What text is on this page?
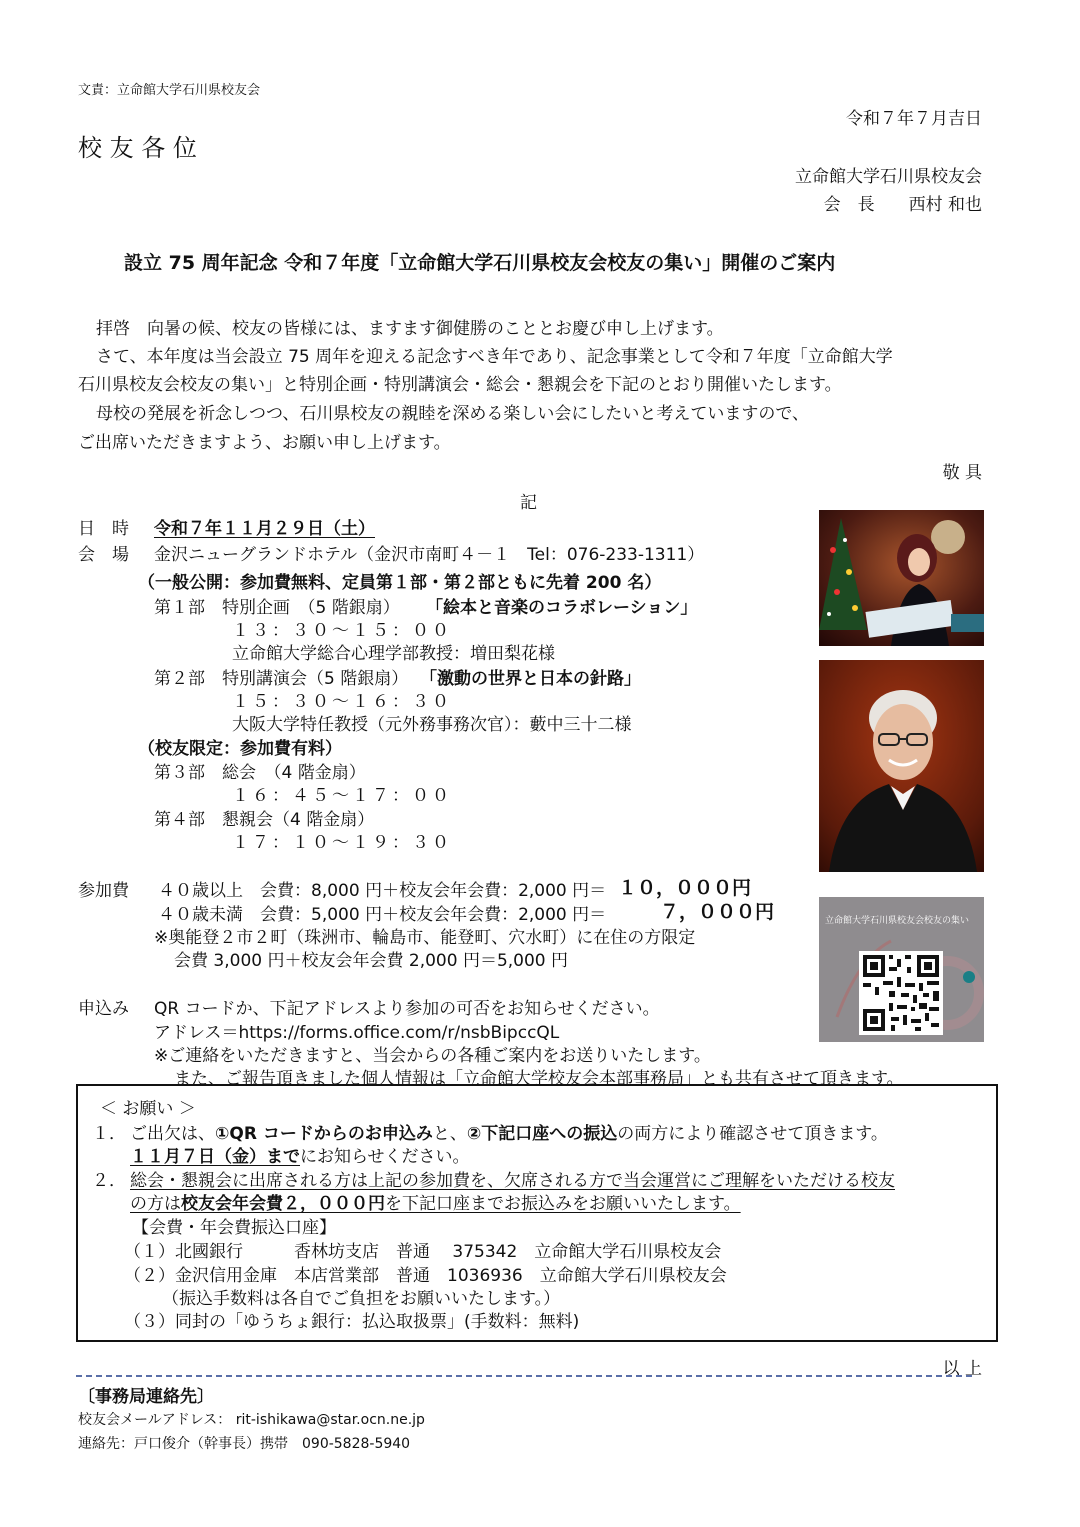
文責：立命館大学石川県校友会
令和７年７月吉日
校 友 各 位
立命館大学石川県校友会
会　長　　西村 和也
設立 75 周年記念 令和７年度「立命館大学石川県校友会校友の集い」開催のご案内
拝啓　向暑の候、校友の皆様には、ますます御健勝のこととお慶び申し上げます。
さて、本年度は当会設立 75 周年を迎える記念すべき年であり、記念事業として令和７年度「立命館大学
石川県校友会校友の集い」と特別企画・特別講演会・総会・懇親会を下記のとおり開催いたします。
母校の発展を祈念しつつ、石川県校友の親睦を深める楽しい会にしたいと考えていますので、
ご出席いただきますよう、お願い申し上げます。
敬 具
記
日　時 令和７年１１月２９日（土）
会　場 金沢ニューグランドホテル（金沢市南町４－１　Tel：076-233-1311）
（一般公開：参加費無料、定員第１部・第２部ともに先着 200 名）
第１部　特別企画　（5 階銀扇） 「絵本と音楽のコラボレーション」
１３：３０～１５：００
立命館大学総合心理学部教授：増田梨花様
第２部　特別講演会（5 階銀扇） 「激動の世界と日本の針路」
１５：３０～１６：３０
大阪大学特任教授（元外務事務次官）：藪中三十二様
（校友限定：参加費有料）
第３部　総会　（4 階金扇）
１６：４５～１７：００
第４部　懇親会（4 階金扇）
１７：１０～１９：３０
参加費 ４０歳以上　会費：8,000 円＋校友会年会費：2,000 円＝ １０，０００円
４０歳未満　会費：5,000 円＋校友会年会費：2,000 円＝　 ７，０００円
※奥能登２市２町（珠洲市、輪島市、能登町、穴水町）に在住の方限定
会費 3,000 円＋校友会年会費 2,000 円＝5,000 円
申込み QR コードか、下記アドレスより参加の可否をお知らせください。
アドレス＝https://forms.office.com/r/nsbBipccQL
※ご連絡をいただきますと、当会からの各種ご案内をお送りいたします。
また、ご報告頂きました個人情報は「立命館大学校友会本部事務局」とも共有させて頂きます。
立命館大学石川県校友会校友の集い
＜ お願い ＞
１． ご出欠は、①QR コードからのお申込みと、②下記口座への振込の両方により確認させて頂きます。
１１月７日（金）までにお知らせください。
２． 総会・懇親会に出席される方は上記の参加費を、欠席される方で当会運営にご理解をいただける校友
の方は校友会年会費２，０００円を下記口座までお振込みをお願いいたします。
【会費・年会費振込口座】
（１）北國銀行　　　香林坊支店　普通　 375342　立命館大学石川県校友会
（２）金沢信用金庫　本店営業部　普通　1036936　立命館大学石川県校友会
（振込手数料は各自でご負担をお願いいたします。）
（３）同封の「ゆうちょ銀行：払込取扱票」(手数料：無料)
以 上
〔事務局連絡先〕
校友会メールアドレス： rit-ishikawa@star.ocn.ne.jp
連絡先：戸口俊介（幹事長）携帯　090-5828-5940
